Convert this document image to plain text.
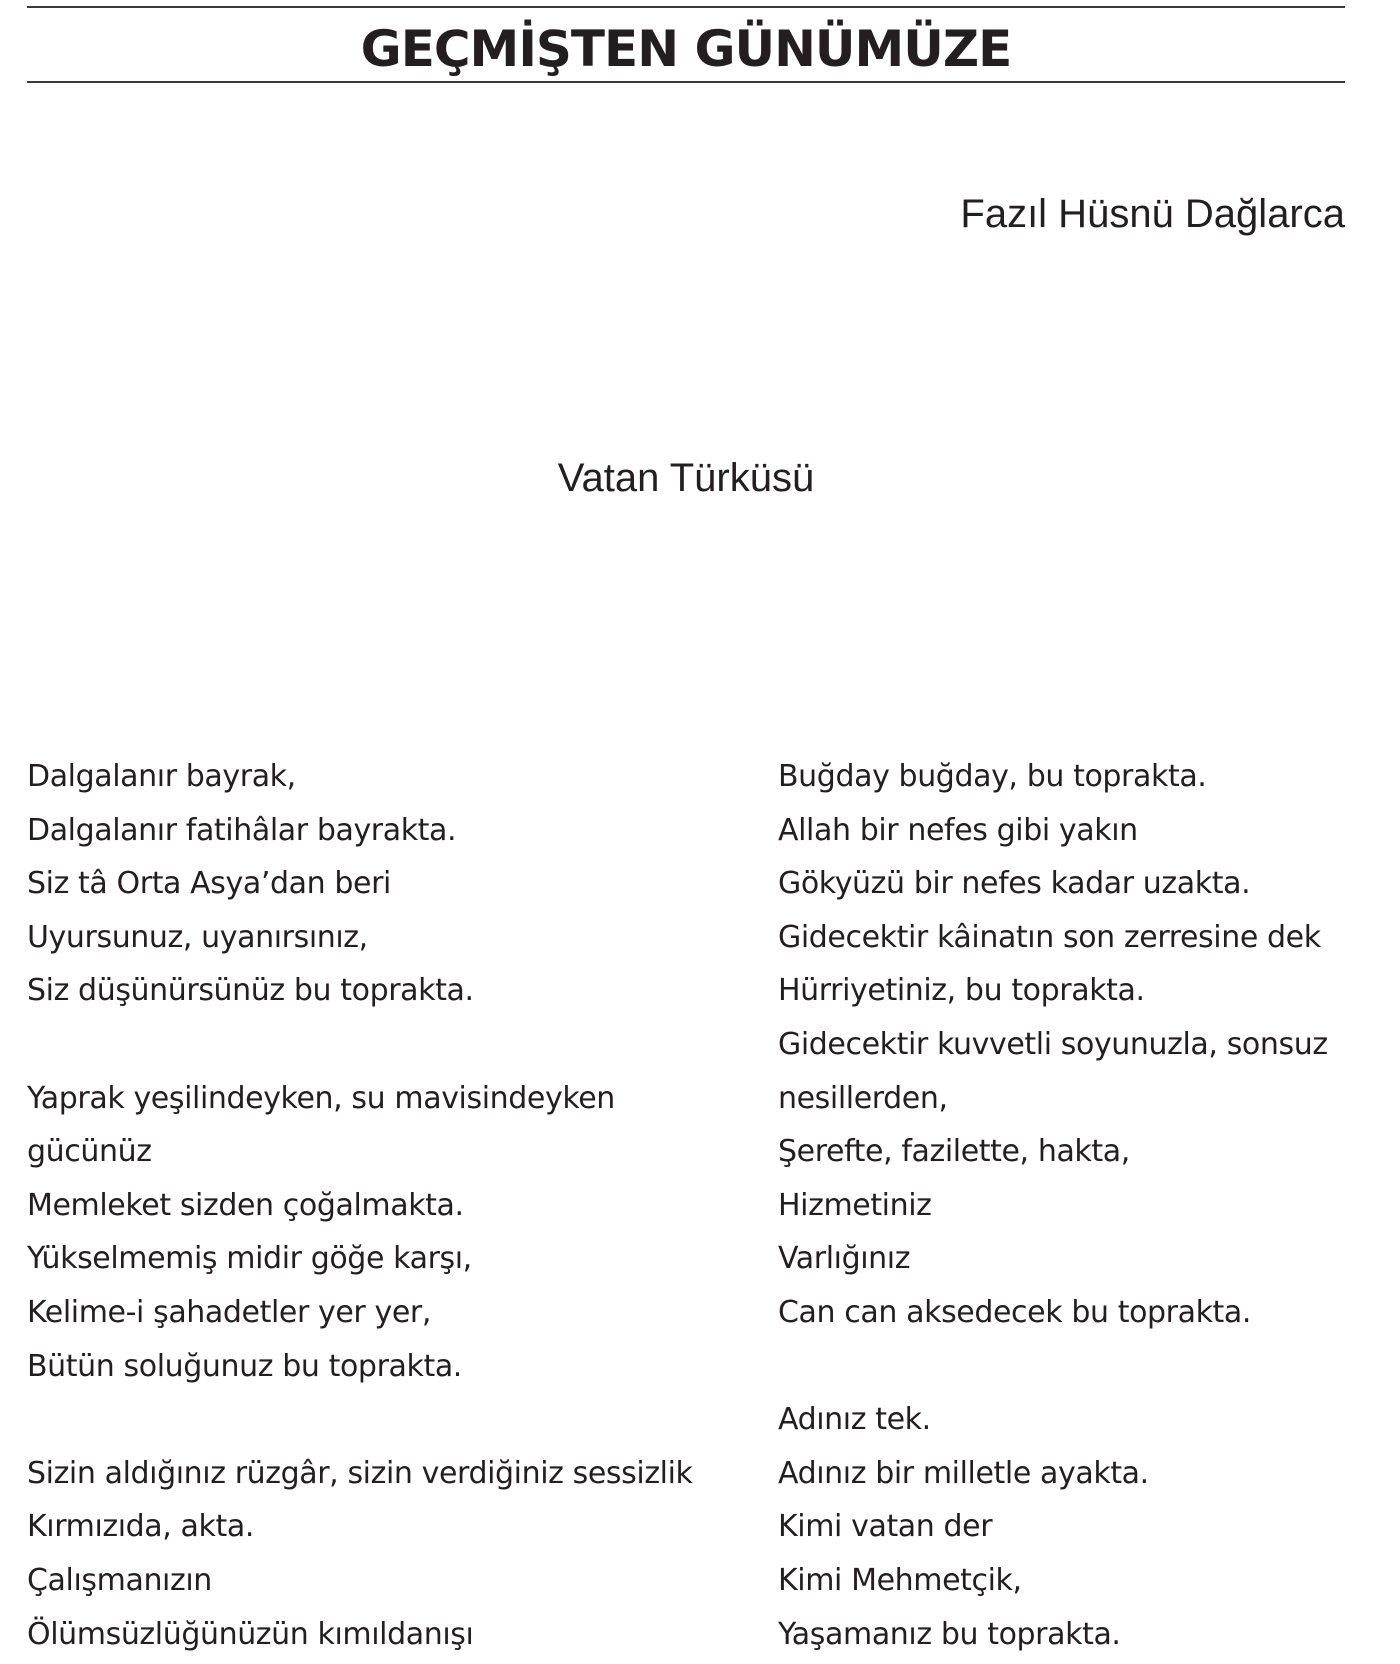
GEÇMİŞTEN GÜNÜMÜZE
Fazıl Hüsnü Dağlarca
Vatan Türküsü
Dalgalanır bayrak,
Dalgalanır fatihâlar bayrakta.
Siz tâ Orta Asya’dan beri
Uyursunuz, uyanırsınız,
Siz düşünürsünüz bu toprakta.
Yaprak yeşilindeyken, su mavisindeyken
gücünüz
Memleket sizden çoğalmakta.
Yükselmemiş midir göğe karşı,
Kelime-i şahadetler yer yer,
Bütün soluğunuz bu toprakta.
Sizin aldığınız rüzgâr, sizin verdiğiniz sessizlik
Kırmızıda, akta.
Çalışmanızın
Ölümsüzlüğünüzün kımıldanışı
Buğday buğday, bu toprakta.
Allah bir nefes gibi yakın
Gökyüzü bir nefes kadar uzakta.
Gidecektir kâinatın son zerresine dek
Hürriyetiniz, bu toprakta.
Gidecektir kuvvetli soyunuzla, sonsuz
nesillerden,
Şerefte, fazilette, hakta,
Hizmetiniz
Varlığınız
Can can aksedecek bu toprakta.
Adınız tek.
Adınız bir milletle ayakta.
Kimi vatan der
Kimi Mehmetçik,
Yaşamanız bu toprakta.
